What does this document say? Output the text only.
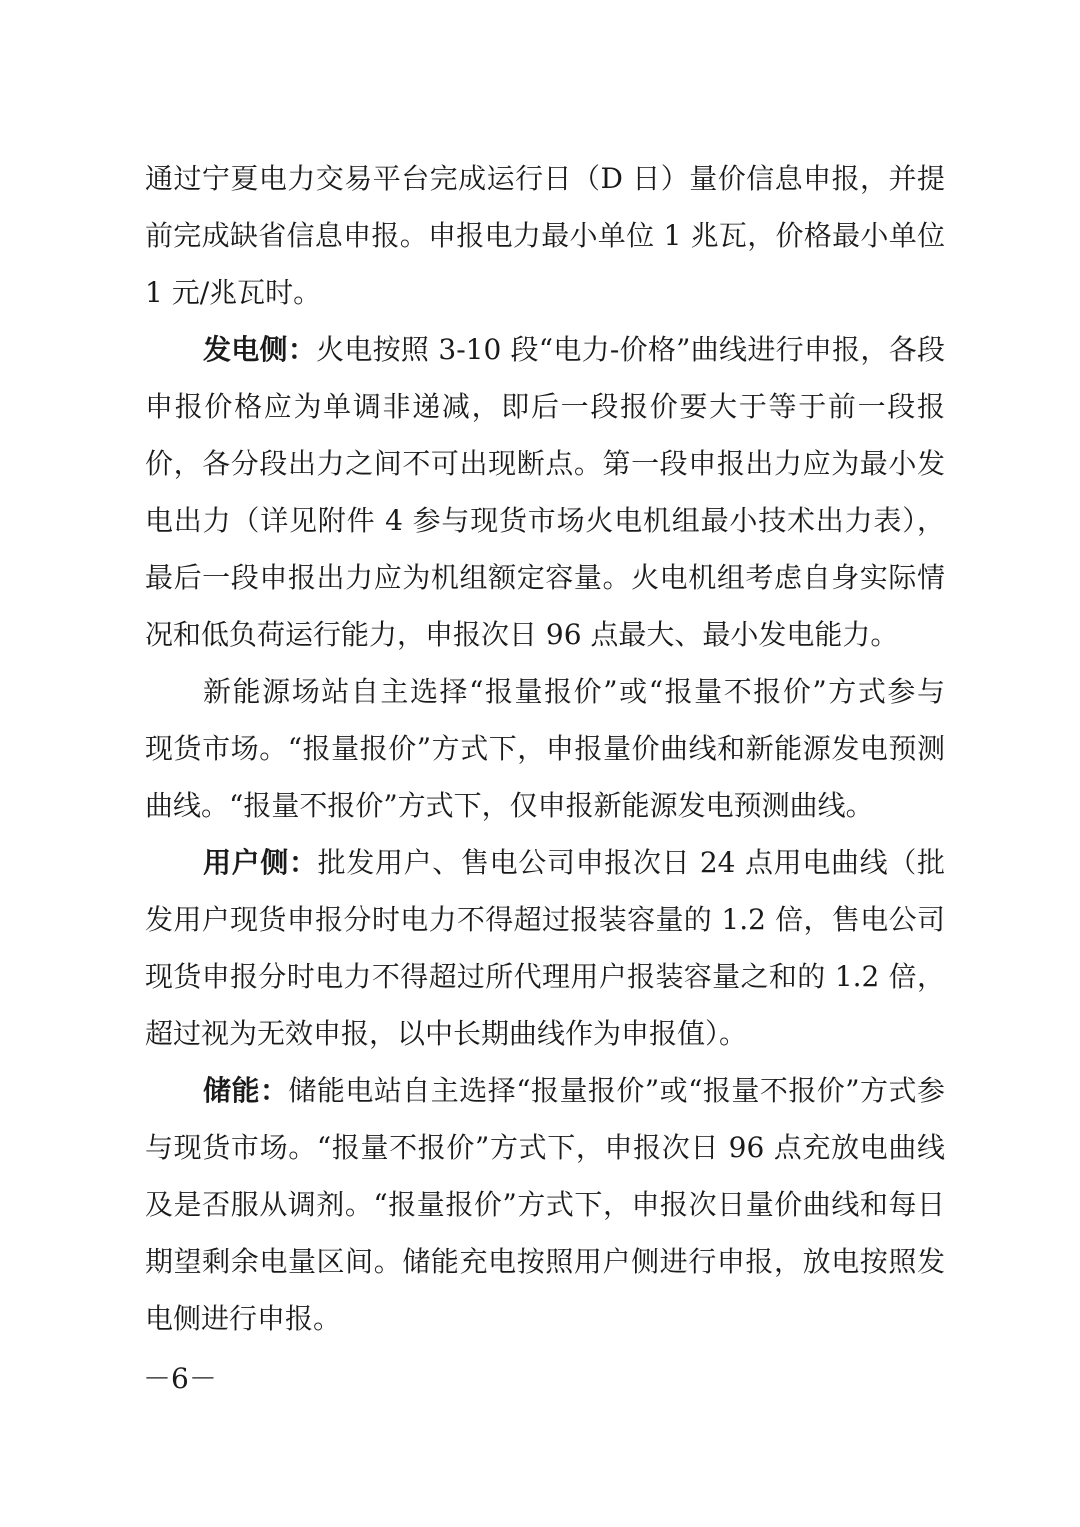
通过宁夏电力交易平台完成运行日（D 日）量价信息申报，并提
前完成缺省信息申报。申报电力最小单位 1 兆瓦，价格最小单位
1 元/兆瓦时。
发电侧：火电按照 3-10 段“电力-价格”曲线进行申报，各段
申报价格应为单调非递减，即后一段报价要大于等于前一段报
价，各分段出力之间不可出现断点。第一段申报出力应为最小发
电出力（详见附件 4 参与现货市场火电机组最小技术出力表），
最后一段申报出力应为机组额定容量。火电机组考虑自身实际情
况和低负荷运行能力，申报次日 96 点最大、最小发电能力。
新能源场站自主选择“报量报价”或“报量不报价”方式参与
现货市场。“报量报价”方式下，申报量价曲线和新能源发电预测
曲线。“报量不报价”方式下，仅申报新能源发电预测曲线。
用户侧：批发用户、售电公司申报次日 24 点用电曲线（批
发用户现货申报分时电力不得超过报装容量的 1.2 倍，售电公司
现货申报分时电力不得超过所代理用户报装容量之和的 1.2 倍，
超过视为无效申报，以中长期曲线作为申报值）。
储能：储能电站自主选择“报量报价”或“报量不报价”方式参
与现货市场。“报量不报价”方式下，申报次日 96 点充放电曲线
及是否服从调剂。“报量报价”方式下，申报次日量价曲线和每日
期望剩余电量区间。储能充电按照用户侧进行申报，放电按照发
电侧进行申报。
－6－
